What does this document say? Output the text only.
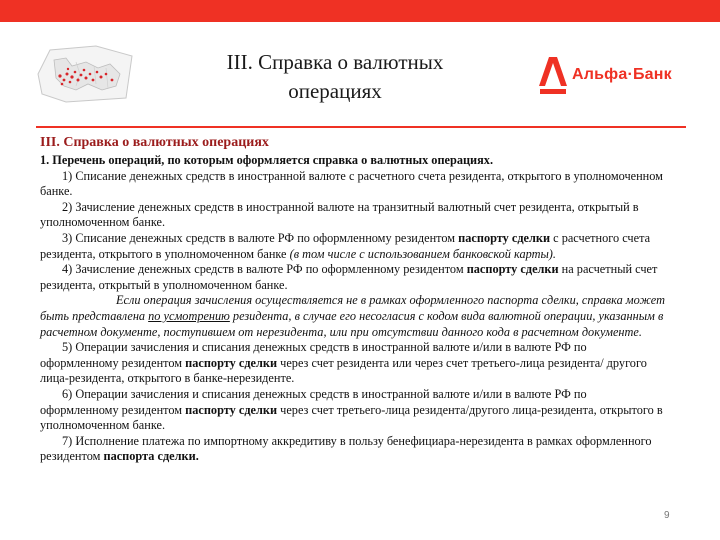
III. Справка о валютных
операциях
Альфа·Банк

III. Справка о валютных операциях

1. Перечень операций, по которым оформляется справка о валютных операциях.

1) Списание денежных средств в иностранной валюте с расчетного счета резидента, открытого в уполномоченном банке.

2) Зачисление денежных средств в иностранной валюте на транзитный валютный счет резидента, открытый в уполномоченном банке.

3) Списание денежных средств в валюте РФ по оформленному резидентом паспорту сделки с расчетного счета резидента, открытого в уполномоченном банке (в том числе с использованием банковской карты).

4) Зачисление денежных средств в валюте РФ по оформленному резидентом паспорту сделки на расчетный счет резидента, открытый в уполномоченном банке.

Если операция зачисления осуществляется не в рамках оформленного паспорта сделки, справка может быть представлена по усмотрению резидента, в случае его несогласия с кодом вида валютной операции, указанным в расчетном документе, поступившем от нерезидента, или при отсутствии данного кода в расчетном документе.

5) Операции зачисления и списания денежных средств в иностранной валюте и/или в валюте РФ по оформленному резидентом паспорту сделки через счет резидента или через счет третьего-лица резидента/ другого лица-резидента, открытого в банке-нерезиденте.

6) Операции зачисления и списания денежных средств в иностранной валюте и/или в валюте РФ по оформленному резидентом паспорту сделки через счет третьего-лица резидента/другого лица-резидента, открытого в уполномоченном банке.

7) Исполнение платежа по импортному аккредитиву в пользу бенефициара-нерезидента в рамках оформленного резидентом паспорта сделки.

9
